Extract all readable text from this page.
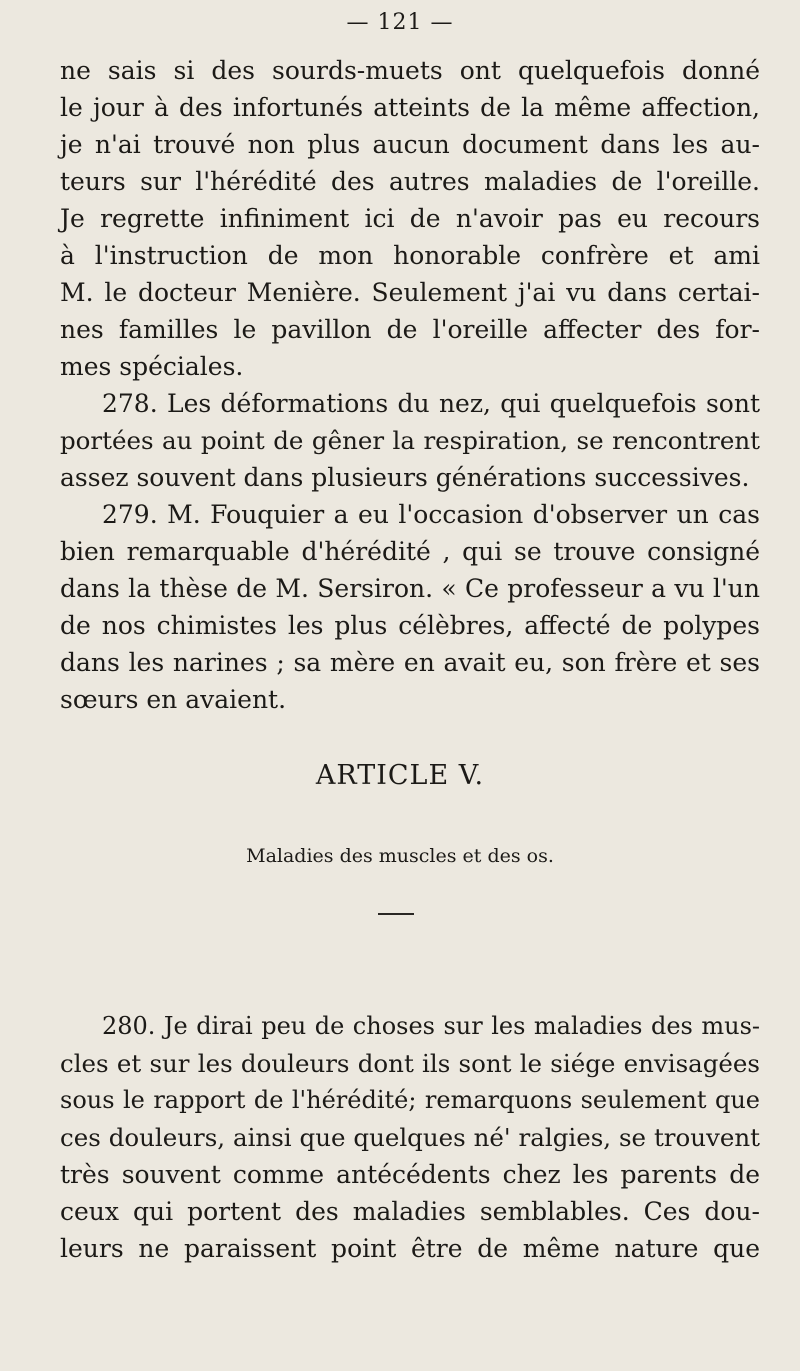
— 121 —
ne sais si des sourds-muets ont quelquefois donné
le jour à des infortunés atteints de la même affection,
je n'ai trouvé non plus aucun document dans les au-
teurs sur l'hérédité des autres maladies de l'oreille.
Je regrette infiniment ici de n'avoir pas eu recours
à l'instruction de mon honorable confrère et ami
M. le docteur Menière. Seulement j'ai vu dans certai-
nes familles le pavillon de l'oreille affecter des for-
mes spéciales.
278. Les déformations du nez, qui quelquefois sont
portées au point de gêner la respiration, se rencontrent
assez souvent dans plusieurs générations successives.
279. M. Fouquier a eu l'occasion d'observer un cas
bien remarquable d'hérédité , qui se trouve consigné
dans la thèse de M. Sersiron. « Ce professeur a vu l'un
de nos chimistes les plus célèbres, affecté de polypes
dans les narines ; sa mère en avait eu, son frère et ses
sœurs en avaient.
ARTICLE V.
Maladies des muscles et des os.
280. Je dirai peu de choses sur les maladies des mus-
cles et sur les douleurs dont ils sont le siége envisagées
sous le rapport de l'hérédité; remarquons seulement que
ces douleurs, ainsi que quelques né' ralgies, se trouvent
très souvent comme antécédents chez les parents de
ceux qui portent des maladies semblables. Ces dou-
leurs ne paraissent point être de même nature que
